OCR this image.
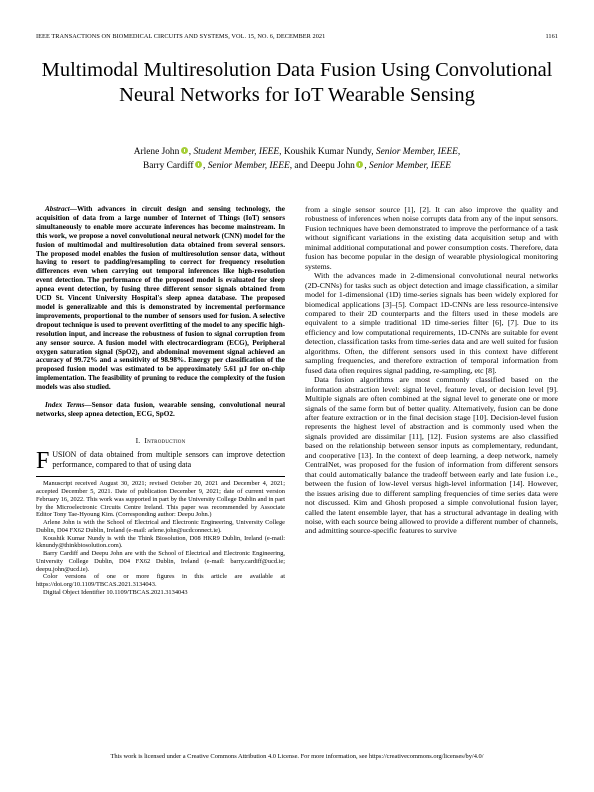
IEEE TRANSACTIONS ON BIOMEDICAL CIRCUITS AND SYSTEMS, VOL. 15, NO. 6, DECEMBER 2021	1161
Multimodal Multiresolution Data Fusion Using Convolutional Neural Networks for IoT Wearable Sensing
Arlene John , Student Member, IEEE, Koushik Kumar Nundy, Senior Member, IEEE,
Barry Cardiff , Senior Member, IEEE, and Deepu John , Senior Member, IEEE

Abstract—With advances in circuit design and sensing technology, the acquisition of data from a large number of Internet of Things (IoT) sensors simultaneously to enable more accurate inferences has become mainstream. In this work, we propose a novel convolutional neural network (CNN) model for the fusion of multimodal and multiresolution data obtained from several sensors. The proposed model enables the fusion of multiresolution sensor data, without having to resort to padding/resampling to correct for frequency resolution differences even when carrying out temporal inferences like high-resolution event detection. The performance of the proposed model is evaluated for sleep apnea event detection, by fusing three different sensor signals obtained from UCD St. Vincent University Hospital's sleep apnea database. The proposed model is generalizable and this is demonstrated by incremental performance improvements, proportional to the number of sensors used for fusion. A selective dropout technique is used to prevent overfitting of the model to any specific high-resolution input, and increase the robustness of fusion to signal corruption from any sensor source. A fusion model with electrocardiogram (ECG), Peripheral oxygen saturation signal (SpO2), and abdominal movement signal achieved an accuracy of 99.72% and a sensitivity of 98.98%. Energy per classification of the proposed fusion model was estimated to be approximately 5.61 μJ for on-chip implementation. The feasibility of pruning to reduce the complexity of the fusion models was also studied.

Index Terms—Sensor data fusion, wearable sensing, convolutional neural networks, sleep apnea detection, ECG, SpO2.

I. Introduction

FUSION of data obtained from multiple sensors can improve detection performance, compared to that of using data

Manuscript received August 30, 2021; revised October 20, 2021 and December 4, 2021; accepted December 5, 2021. Date of publication December 9, 2021; date of current version February 16, 2022. This work was supported in part by the University College Dublin and in part by the Microelectronic Circuits Centre Ireland. This paper was recommended by Associate Editor Tony Tae-Hyoung Kim. (Corresponding author: Deepu John.)

Arlene John is with the School of Electrical and Electronic Engineering, University College Dublin, D04 FX62 Dublin, Ireland (e-mail: arlene.john@ucdconnect.ie).

Koushik Kumar Nundy is with the Think Biosolution, D08 HKR9 Dublin, Ireland (e-mail: kknundy@thinkbiosolution.com).

Barry Cardiff and Deepu John are with the School of Electrical and Electronic Engineering, University College Dublin, D04 FX62 Dublin, Ireland (e-mail: barry.cardiff@ucd.ie; deepu.john@ucd.ie).

Color versions of one or more figures in this article are available at https://doi.org/10.1109/TBCAS.2021.3134043.

Digital Object Identifier 10.1109/TBCAS.2021.3134043

from a single sensor source [1], [2]. It can also improve the quality and robustness of inferences when noise corrupts data from any of the input sensors. Fusion techniques have been demonstrated to improve the performance of a task without significant variations in the existing data acquisition setup and with minimal additional computational and power consumption costs. Therefore, data fusion has become popular in the design of wearable physiological monitoring systems.

With the advances made in 2-dimensional convolutional neural networks (2D-CNNs) for tasks such as object detection and image classification, a similar model for 1-dimensional (1D) time-series signals has been widely explored for biomedical applications [3]–[5]. Compact 1D-CNNs are less resource-intensive compared to their 2D counterparts and the filters used in these models are equivalent to a simple traditional 1D time-series filter [6], [7]. Due to its efficiency and low computational requirements, 1D-CNNs are suitable for event detection, classification tasks from time-series data and are well suited for fusion algorithms. Often, the different sensors used in this context have different sampling frequencies, and therefore extraction of temporal information from fused data often requires signal padding, re-sampling, etc [8].

Data fusion algorithms are most commonly classified based on the information abstraction level: signal level, feature level, or decision level [9]. Multiple signals are often combined at the signal level to generate one or more signals of the same form but of better quality. Alternatively, fusion can be done after feature extraction or in the final decision stage [10]. Decision-level fusion represents the highest level of abstraction and is commonly used when the signals provided are dissimilar [11], [12]. Fusion systems are also classified based on the relationship between sensor inputs as complementary, redundant, and cooperative [13]. In the context of deep learning, a deep network, namely CentralNet, was proposed for the fusion of information from different sensors that could automatically balance the tradeoff between early and late fusion i.e., between the fusion of low-level versus high-level information [14]. However, the issues arising due to different sampling frequencies of time series data were not discussed. Kim and Ghosh proposed a simple convolutional fusion layer, called the latent ensemble layer, that has a structural advantage in dealing with noise, with each source being allowed to provide a different number of channels, and admitting source-specific features to survive

This work is licensed under a Creative Commons Attribution 4.0 License. For more information, see https://creativecommons.org/licenses/by/4.0/
